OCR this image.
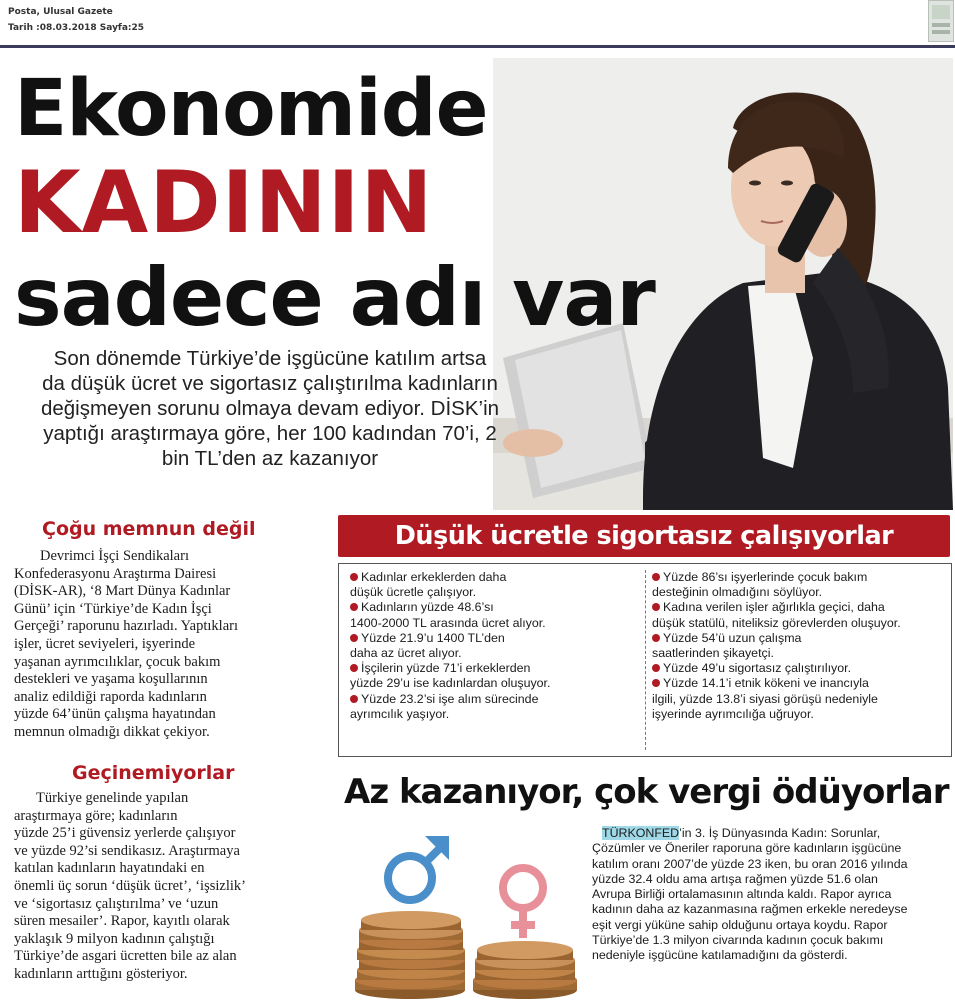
Posta, Ulusal Gazete
Tarih :08.03.2018 Sayfa:25
Ekonomide
KADININ
sadece adı var
Son dönemde Türkiye’de işgücüne katılım artsa da düşük ücret ve sigortasız çalıştırılma kadınların değişmeyen sorunu olmaya devam ediyor. DİSK’in yaptığı araştırmaya göre, her 100 kadından 70’i, 2 bin TL’den az kazanıyor
Çoğu memnun değil
Devrimci İşçi Sendikaları
Konfederasyonu Araştırma Dairesi
(DİSK-AR), ‘8 Mart Dünya Kadınlar
Günü’ için ‘Türkiye’de Kadın İşçi
Gerçeği’ raporunu hazırladı. Yaptıkları
işler, ücret seviyeleri, işyerinde
yaşanan ayrımcılıklar, çocuk bakım
destekleri ve yaşama koşullarının
analiz edildiği raporda kadınların
yüzde 64’ünün çalışma hayatından
memnun olmadığı dikkat çekiyor.
Geçinemiyorlar
Türkiye genelinde yapılan
araştırmaya göre; kadınların
yüzde 25’i güvensiz yerlerde çalışıyor
ve yüzde 92’si sendikasız. Araştırmaya
katılan kadınların hayatındaki en
önemli üç sorun ‘düşük ücret’, ‘işsizlik’
ve ‘sigortasız çalıştırılma’ ve ‘uzun
süren mesailer’. Rapor, kayıtlı olarak
yaklaşık 9 milyon kadının çalıştığı
Türkiye’de asgari ücretten bile az alan
kadınların arttığını gösteriyor.
Düşük ücretle sigortasız çalışıyorlar
Kadınlar erkeklerden daha
düşük ücretle çalışıyor.
Kadınların yüzde 48.6’sı
1400-2000 TL arasında ücret alıyor.
Yüzde 21.9’u 1400 TL’den
daha az ücret alıyor.
İşçilerin yüzde 71’i erkeklerden
yüzde 29’u ise kadınlardan oluşuyor.
Yüzde 23.2’si işe alım sürecinde
ayrımcılık yaşıyor.
Yüzde 86’sı işyerlerinde çocuk bakım
desteğinin olmadığını söylüyor.
Kadına verilen işler ağırlıkla geçici, daha
düşük statülü, niteliksiz görevlerden oluşuyor.
Yüzde 54’ü uzun çalışma
saatlerinden şikayetçi.
Yüzde 49’u sigortasız çalıştırılıyor.
Yüzde 14.1’i etnik kökeni ve inancıyla
ilgili, yüzde 13.8’i siyasi görüşü nedeniyle
işyerinde ayrımcılığa uğruyor.
Az kazanıyor, çok vergi ödüyorlar
TÜRKONFED’in 3. İş Dünyasında Kadın: Sorunlar,
Çözümler ve Öneriler raporuna göre kadınların işgücüne
katılım oranı 2007’de yüzde 23 iken, bu oran 2016 yılında
yüzde 32.4 oldu ama artışa rağmen yüzde 51.6 olan
Avrupa Birliği ortalamasının altında kaldı. Rapor ayrıca
kadının daha az kazanmasına rağmen erkekle neredeyse
eşit vergi yüküne sahip olduğunu ortaya koydu. Rapor
Türkiye’de 1.3 milyon civarında kadının çocuk bakımı
nedeniyle işgücüne katılamadığını da gösterdi.
